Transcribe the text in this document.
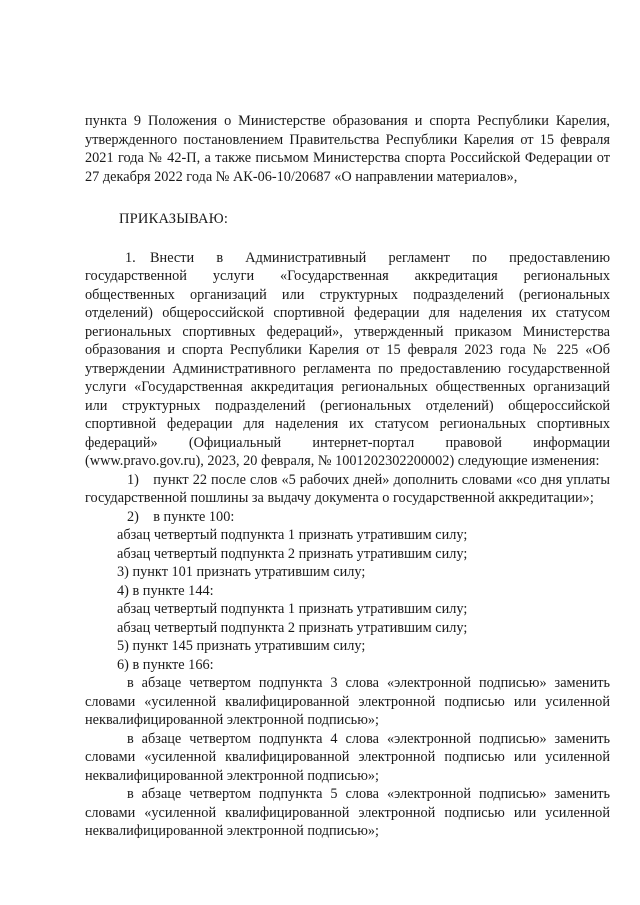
пункта 9 Положения о Министерстве образования и спорта Республики Карелия, утвержденного постановлением Правительства Республики Карелия от 15 февраля 2021 года № 42-П, а также письмом Министерства спорта Российской Федерации от 27 декабря 2022 года № АК-06-10/20687 «О направлении материалов»,

ПРИКАЗЫВАЮ:

1. Внести в Административный регламент по предоставлению государственной услуги «Государственная аккредитация региональных общественных организаций или структурных подразделений (региональных отделений) общероссийской спортивной федерации для наделения их статусом региональных спортивных федераций», утвержденный приказом Министерства образования и спорта Республики Карелия от 15 февраля 2023 года № 225 «Об утверждении Административного регламента по предоставлению государственной услуги «Государственная аккредитация региональных общественных организаций или структурных подразделений (региональных отделений) общероссийской спортивной федерации для наделения их статусом региональных спортивных федераций» (Официальный интернет-портал правовой информации (www.pravo.gov.ru), 2023, 20 февраля, № 1001202302200002) следующие изменения:

1) пункт 22 после слов «5 рабочих дней» дополнить словами «со дня уплаты государственной пошлины за выдачу документа о государственной аккредитации»;

2) в пункте 100:

абзац четвертый подпункта 1 признать утратившим силу;

абзац четвертый подпункта 2 признать утратившим силу;

3) пункт 101 признать утратившим силу;

4) в пункте 144:

абзац четвертый подпункта 1 признать утратившим силу;

абзац четвертый подпункта 2 признать утратившим силу;

5) пункт 145 признать утратившим силу;

6) в пункте 166:

в абзаце четвертом подпункта 3 слова «электронной подписью» заменить словами «усиленной квалифицированной электронной подписью или усиленной неквалифицированной электронной подписью»;

в абзаце четвертом подпункта 4 слова «электронной подписью» заменить словами «усиленной квалифицированной электронной подписью или усиленной неквалифицированной электронной подписью»;

в абзаце четвертом подпункта 5 слова «электронной подписью» заменить словами «усиленной квалифицированной электронной подписью или усиленной неквалифицированной электронной подписью»;
